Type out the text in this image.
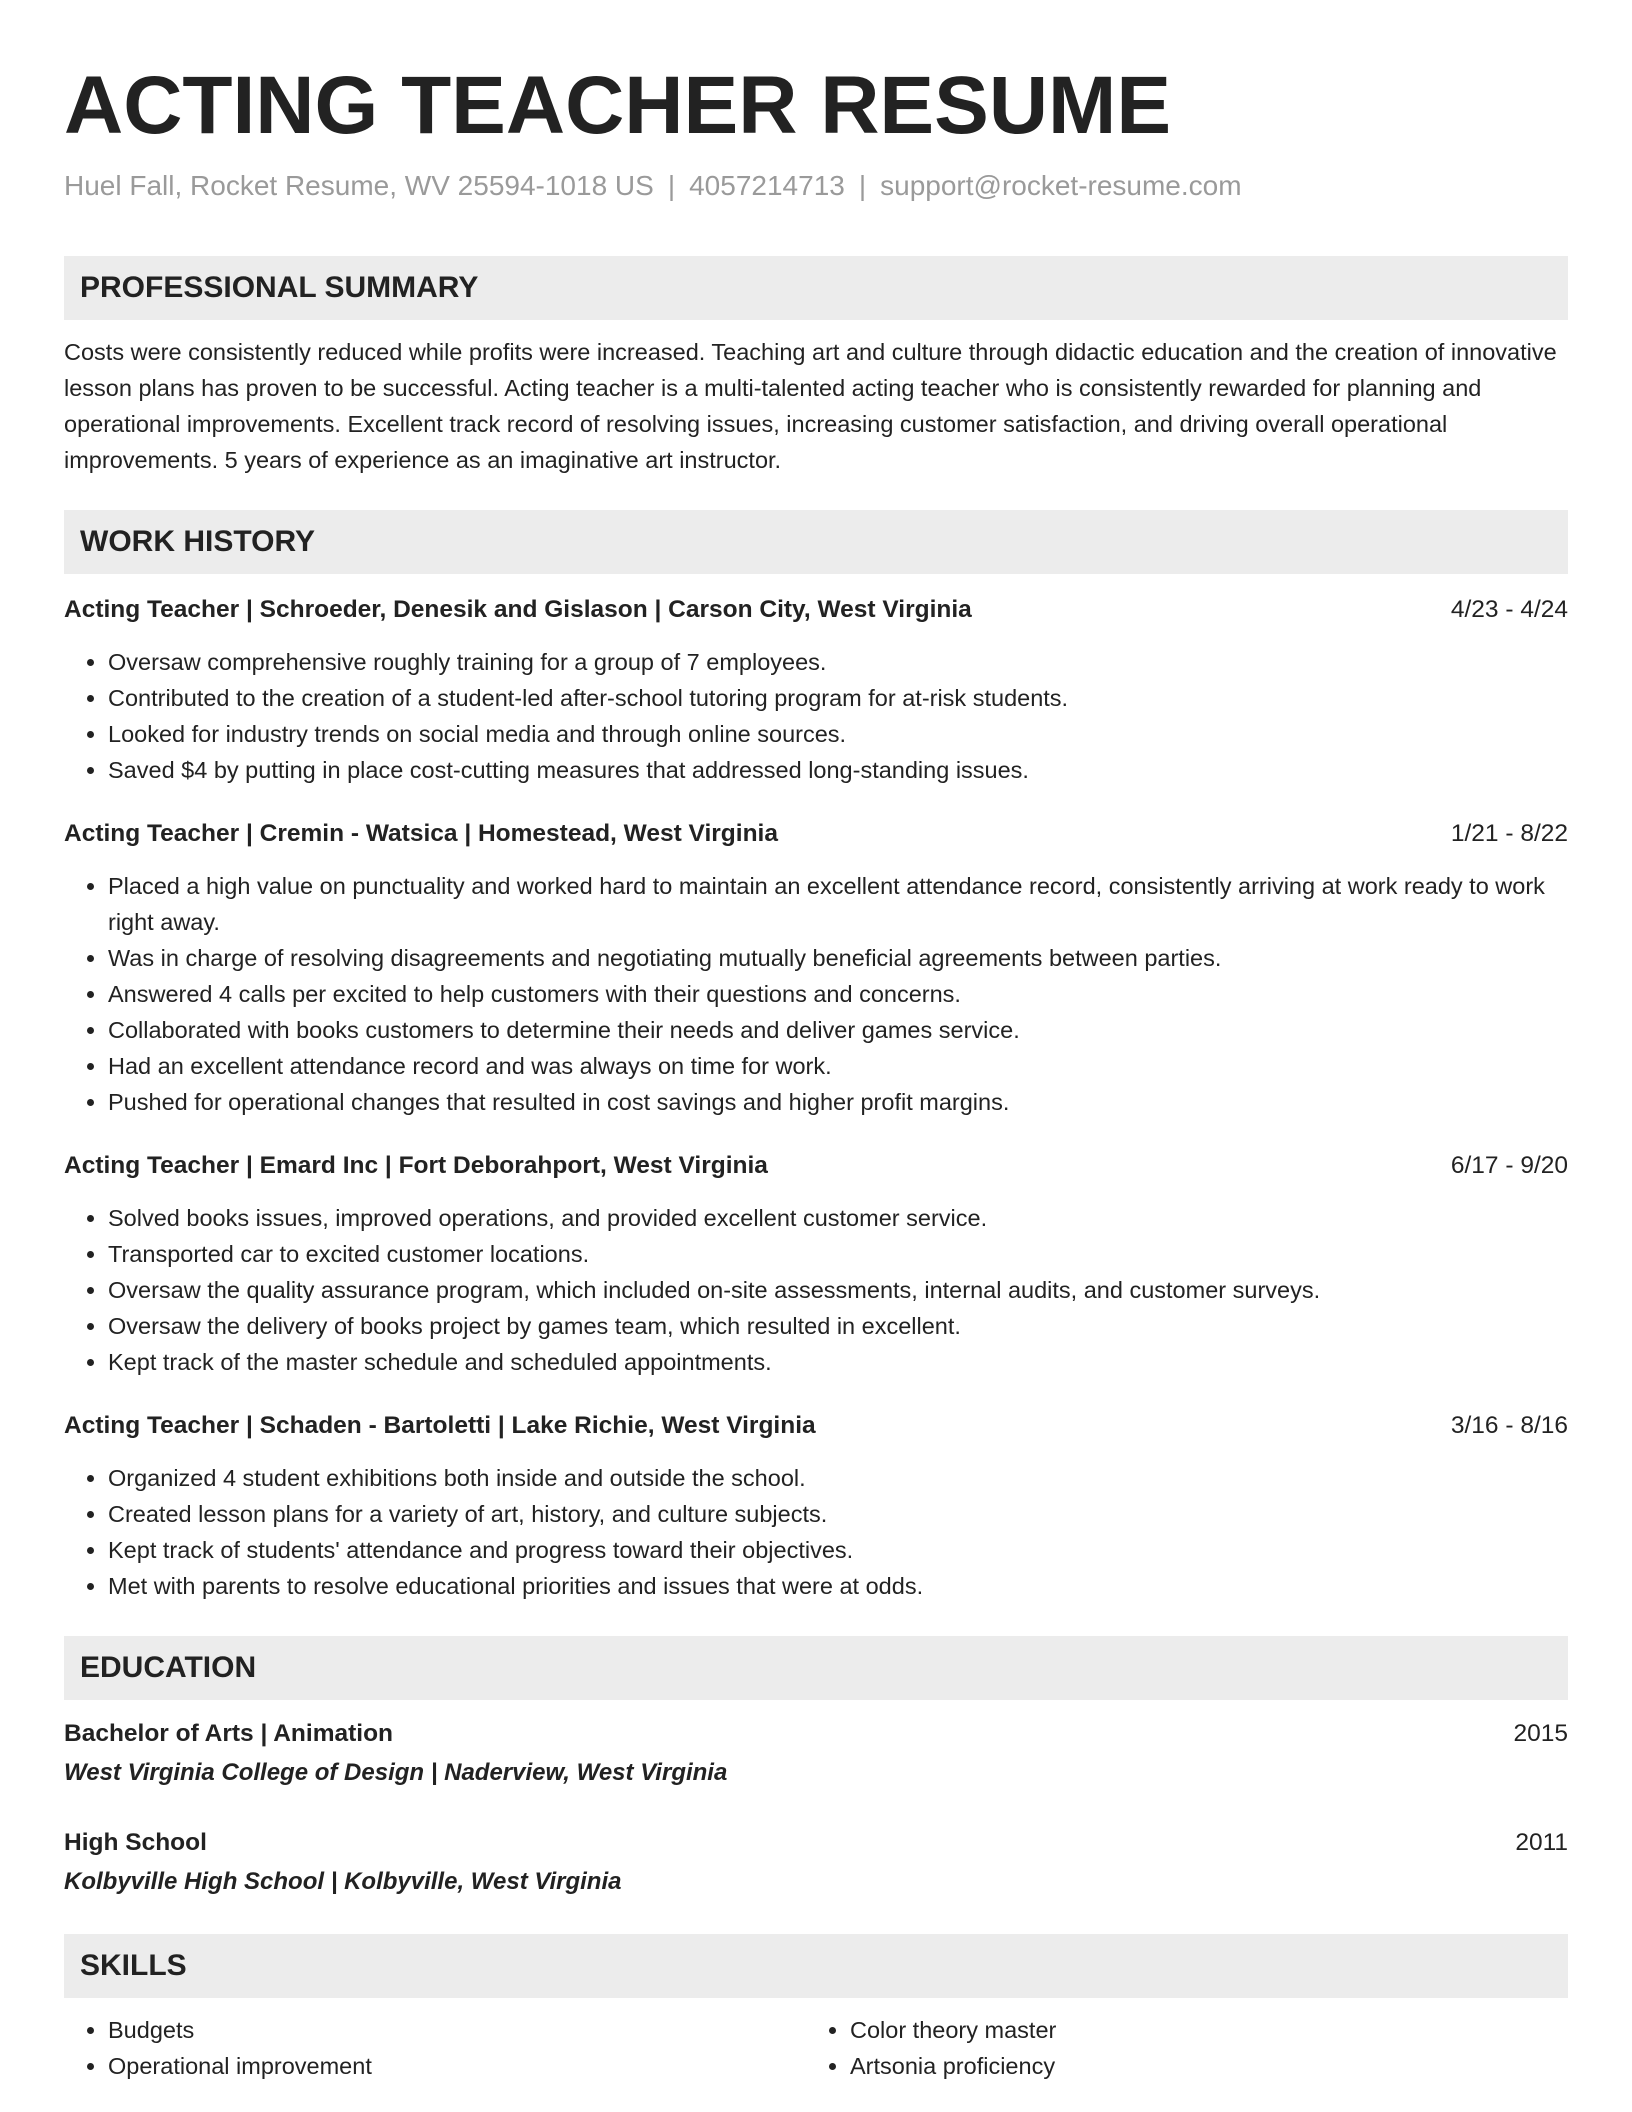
ACTING TEACHER RESUME
Huel Fall, Rocket Resume, WV 25594-1018 US | 4057214713 | support@rocket-resume.com
PROFESSIONAL SUMMARY
Costs were consistently reduced while profits were increased. Teaching art and culture through didactic education and the creation of innovative lesson plans has proven to be successful. Acting teacher is a multi-talented acting teacher who is consistently rewarded for planning and operational improvements. Excellent track record of resolving issues, increasing customer satisfaction, and driving overall operational improvements. 5 years of experience as an imaginative art instructor.
WORK HISTORY
Acting Teacher | Schroeder, Denesik and Gislason | Carson City, West Virginia	4/23 - 4/24
• Oversaw comprehensive roughly training for a group of 7 employees.
• Contributed to the creation of a student-led after-school tutoring program for at-risk students.
• Looked for industry trends on social media and through online sources.
• Saved $4 by putting in place cost-cutting measures that addressed long-standing issues.
Acting Teacher | Cremin - Watsica | Homestead, West Virginia	1/21 - 8/22
• Placed a high value on punctuality and worked hard to maintain an excellent attendance record, consistently arriving at work ready to work right away.
• Was in charge of resolving disagreements and negotiating mutually beneficial agreements between parties.
• Answered 4 calls per excited to help customers with their questions and concerns.
• Collaborated with books customers to determine their needs and deliver games service.
• Had an excellent attendance record and was always on time for work.
• Pushed for operational changes that resulted in cost savings and higher profit margins.
Acting Teacher | Emard Inc | Fort Deborahport, West Virginia	6/17 - 9/20
• Solved books issues, improved operations, and provided excellent customer service.
• Transported car to excited customer locations.
• Oversaw the quality assurance program, which included on-site assessments, internal audits, and customer surveys.
• Oversaw the delivery of books project by games team, which resulted in excellent.
• Kept track of the master schedule and scheduled appointments.
Acting Teacher | Schaden - Bartoletti | Lake Richie, West Virginia	3/16 - 8/16
• Organized 4 student exhibitions both inside and outside the school.
• Created lesson plans for a variety of art, history, and culture subjects.
• Kept track of students' attendance and progress toward their objectives.
• Met with parents to resolve educational priorities and issues that were at odds.
EDUCATION
Bachelor of Arts | Animation	2015
West Virginia College of Design | Naderview, West Virginia
High School	2011
Kolbyville High School | Kolbyville, West Virginia
SKILLS
• Budgets
• Operational improvement
• Color theory master
• Artsonia proficiency
